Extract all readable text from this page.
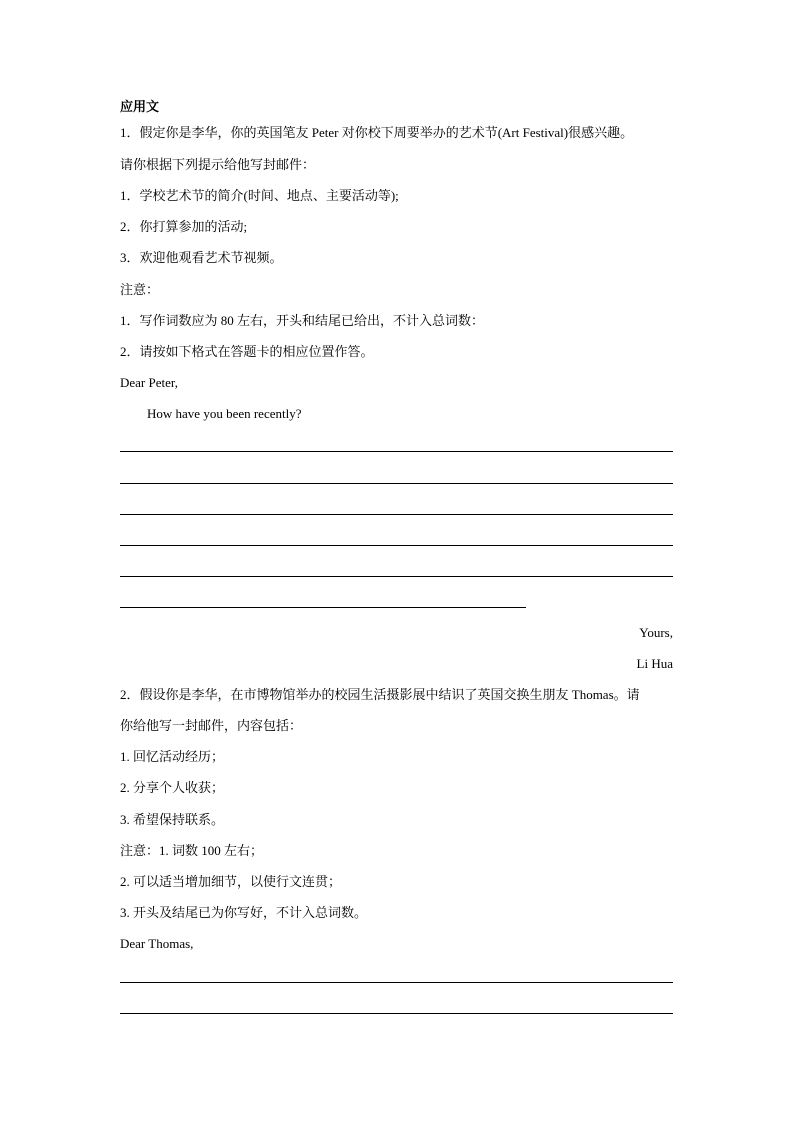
应用文
1．假定你是李华，你的英国笔友 Peter 对你校下周要举办的艺术节(Art Festival)很感兴趣。
请你根据下列提示给他写封邮件：
1．学校艺术节的简介(时间、地点、主要活动等);
2．你打算参加的活动;
3．欢迎他观看艺术节视频。
注意：
1．写作词数应为 80 左右，开头和结尾已给出，不计入总词数：
2．请按如下格式在答题卡的相应位置作答。
Dear Peter,
How have you been recently?
Yours,
Li Hua
2．假设你是李华，在市博物馆举办的校园生活摄影展中结识了英国交换生朋友 Thomas。请
你给他写一封邮件，内容包括：
1. 回忆活动经历；
2. 分享个人收获；
3. 希望保持联系。
注意：1. 词数 100 左右；
2. 可以适当增加细节，以使行文连贯；
3. 开头及结尾已为你写好，不计入总词数。
Dear Thomas,
